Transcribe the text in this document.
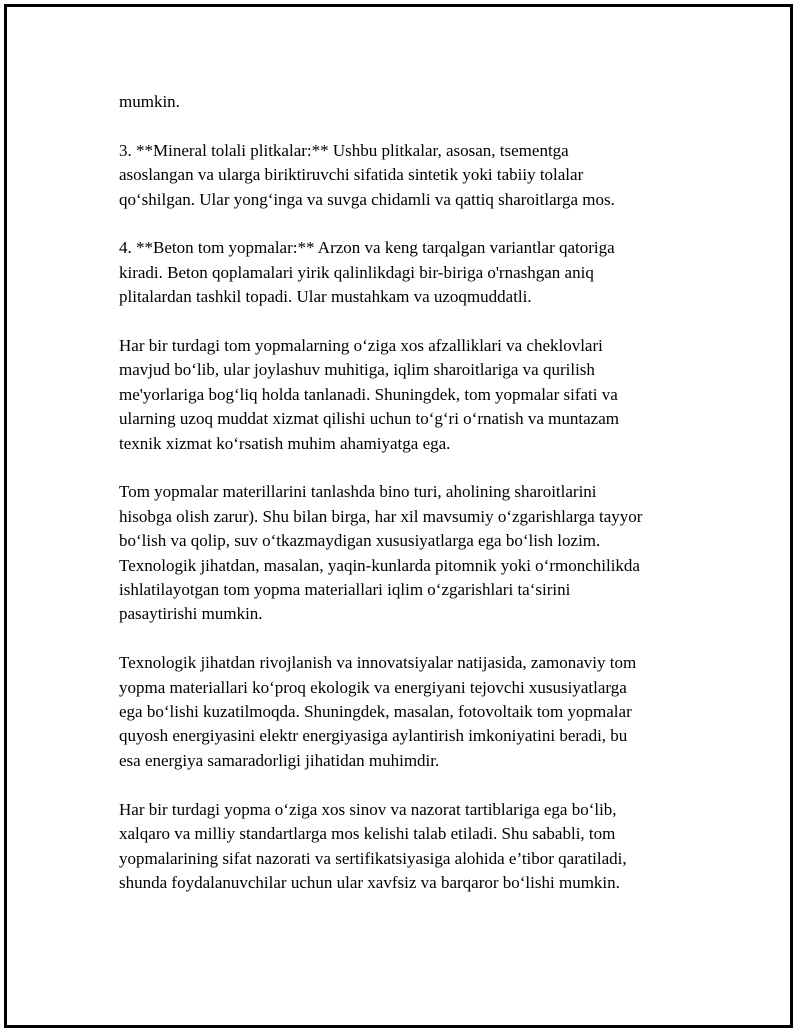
mumkin.

3. **Mineral tolali plitkalar:** Ushbu plitkalar, asosan, tsementga
asoslangan va ularga biriktiruvchi sifatida sintetik yoki tabiiy tolalar
qo‘shilgan. Ular yong‘inga va suvga chidamli va qattiq sharoitlarga mos.

4. **Beton tom yopmalar:** Arzon va keng tarqalgan variantlar qatoriga
kiradi. Beton qoplamalari yirik qalinlikdagi bir-biriga o'rnashgan aniq
plitalardan tashkil topadi. Ular mustahkam va uzoqmuddatli.

Har bir turdagi tom yopmalarning o‘ziga xos afzalliklari va cheklovlari
mavjud bo‘lib, ular joylashuv muhitiga, iqlim sharoitlariga va qurilish
me'yorlariga bog‘liq holda tanlanadi. Shuningdek, tom yopmalar sifati va
ularning uzoq muddat xizmat qilishi uchun to‘g‘ri o‘rnatish va muntazam
texnik xizmat ko‘rsatish muhim ahamiyatga ega.

Tom yopmalar materillarini tanlashda bino turi, aholining sharoitlarini
hisobga olish zarur). Shu bilan birga, har xil mavsumiy o‘zgarishlarga tayyor
bo‘lish va qolip, suv o‘tkazmaydigan xususiyatlarga ega bo‘lish lozim.
Texnologik jihatdan, masalan, yaqin-kunlarda pitomnik yoki o‘rmonchilikda
ishlatilayotgan tom yopma materiallari iqlim o‘zgarishlari ta‘sirini
pasaytirishi mumkin.

Texnologik jihatdan rivojlanish va innovatsiyalar natijasida, zamonaviy tom
yopma materiallari ko‘proq ekologik va energiyani tejovchi xususiyatlarga
ega bo‘lishi kuzatilmoqda. Shuningdek, masalan, fotovoltaik tom yopmalar
quyosh energiyasini elektr energiyasiga aylantirish imkoniyatini beradi, bu
esa energiya samaradorligi jihatidan muhimdir.

Har bir turdagi yopma o‘ziga xos sinov va nazorat tartiblariga ega bo‘lib,
xalqaro va milliy standartlarga mos kelishi talab etiladi. Shu sababli, tom
yopmalarining sifat nazorati va sertifikatsiyasiga alohida e’tibor qaratiladi,
shunda foydalanuvchilar uchun ular xavfsiz va barqaror bo‘lishi mumkin.
